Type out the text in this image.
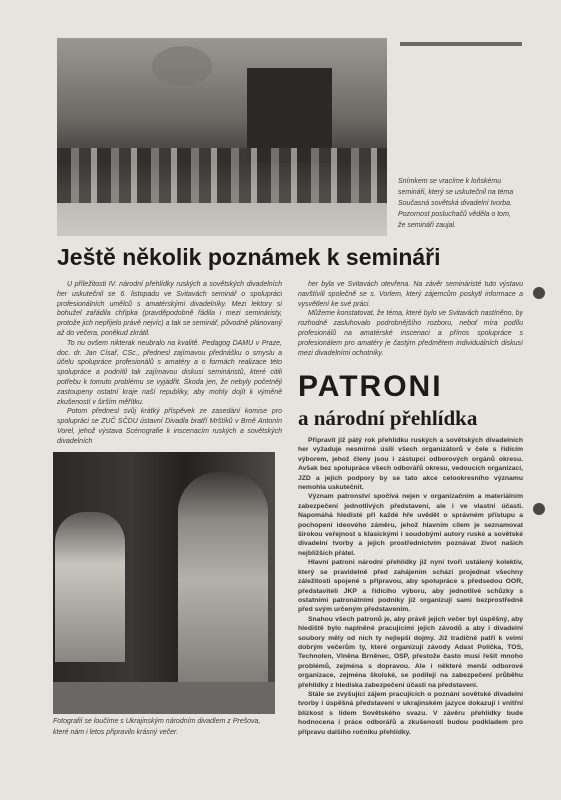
Snímkem se vracíme k loňskému semináři, který se uskutečnil na téma Současná sovětská divadelní tvorba. Pozornost posluchačů věděla o tom, že semináři zaujal.
Ještě několik poznámek k semináři

U příležitosti IV. národní přehlídky ruských a sovětských divadelních her uskutečnil se 6. listopadu ve Svitavách seminář o spolupráci profesionálních umělců s amatérskými divadelníky. Mezi lektory si bohužel zařádila chřipka (pravděpodobně řádila i mezi semináristy, protože jich nepřijelo právě nejvíc) a tak se seminář, původně plánovaný až do večera, poněkud zkrátil.

To nu ovšem nikterak neubralo na kvalitě. Pedagog DAMU v Praze, doc. dr. Jan Císař, CSc., přednesl zajímavou přednášku o smyslu a účelu spolupráce profesionálů s amatéry a o formách realizace této spolupráce a podnítil tak zajímavou diskusi semináristů, které citili potřebu k tomuto problému se vyjádřit. Škoda jen, že nebyly početněji zastoupeny ostatní kraje naší republiky, aby mohly dojít k výměně zkušeností v širším měřítku.

Potom přednesl svůj krátký příspěvek ze zasedání komise pro spolupráci se ZUČ SČDU ústavní Divadla bratří Mrštíků v Brně Antonín Vorel, jehož výstava Scénografie k inscenacím ruských a sovětských divadelních

her byla ve Svitavách otevřena. Na závěr semináristé tuto výstavu navštívili společně se s. Vorlem, který zájemcům poskytl informace a vysvětlení ke své práci.

Můžeme konstatovat, že téma, které bylo ve Svitavách nastíněno, by rozhodně zasluhovalo podrobnějšího rozboru, neboť míra podílu profesionálů na amatérské inscenaci a přínos spolupráce s profesionálem pro amatéry je častým předmětem individuálních diskusí mezi divadelními ochotníky.

Fotografií se loučíme s Ukrajinským národním divadlem z Prešova, které nám i letos připravilo krásný večer.
PATRONI
a národní přehlídka

Připravit již pátý rok přehlídku ruských a sovětských divadelních her vyžaduje nesmírné úsilí všech organizátorů v čele s řídícím výborem, jehož členy jsou i zástupci odborových orgánů okresu. Avšak bez spolupráce všech odborářů okresu, vedoucích organizací, JZD a jejich podpory by se tato akce celookresního významu nemohla uskutečnit.

Význam patronství spočívá nejen v organizačním a materiálním zabezpečení jednotlivých představení, ale i ve vlastní účasti. Napomáhá hledisté při každé hře uvědět o správném přístupu a pochopení ideového záměru, jehož hlavním cílem je seznamovat širokou veřejnost s klasickými i soudobými autory ruské a sovětské divadelní tvorby a jejich prostřednictvím poznávat život našich nejbližších přátel.

Hlavní patroni národní přehlídky již nyní tvoří ustálený kolektiv, který se pravidelně před zahájením schází projednat všechny záležitosti spojené s přípravou, aby spolupráce s předsedou OOR, představiteli JKP a řídícího výboru, aby jednotlivé schůzky s ostatními patronátními podniky již organizují sami bezprostředně před svým určeným představením.

Snahou všech patronů je, aby právě jejich večer byl úspěšný, aby hlediště bylo naplněné pracujícími jejich závodů a aby i divadelní soubory měly od nich ty nejlepší dojmy. Již tradičně patří k velmi dobrým večerům ty, které organizují závody Adast Polička, TOS, Technolen, Vlněna Brněnec, OSP, přestože často musí řešit mnoho problémů, zejména s dopravou. Ale i některé menší odborové organizace, zejména školské, se podílejí na zabezpečení průběhu přehlídky z hlediska zabezpečení účasti na představení.

Stále se zvyšující zájem pracujících o poznání sovětské divadelní tvorby i úspěšná představení v ukrajinském jazyce dokazují i vnitřní blízkost s lidem Sovětského svazu. V závěru přehlídky bude hodnocena i práce odborářů a zkušenosti budou podkladem pro přípravu dalšího ročníku přehlídky.
